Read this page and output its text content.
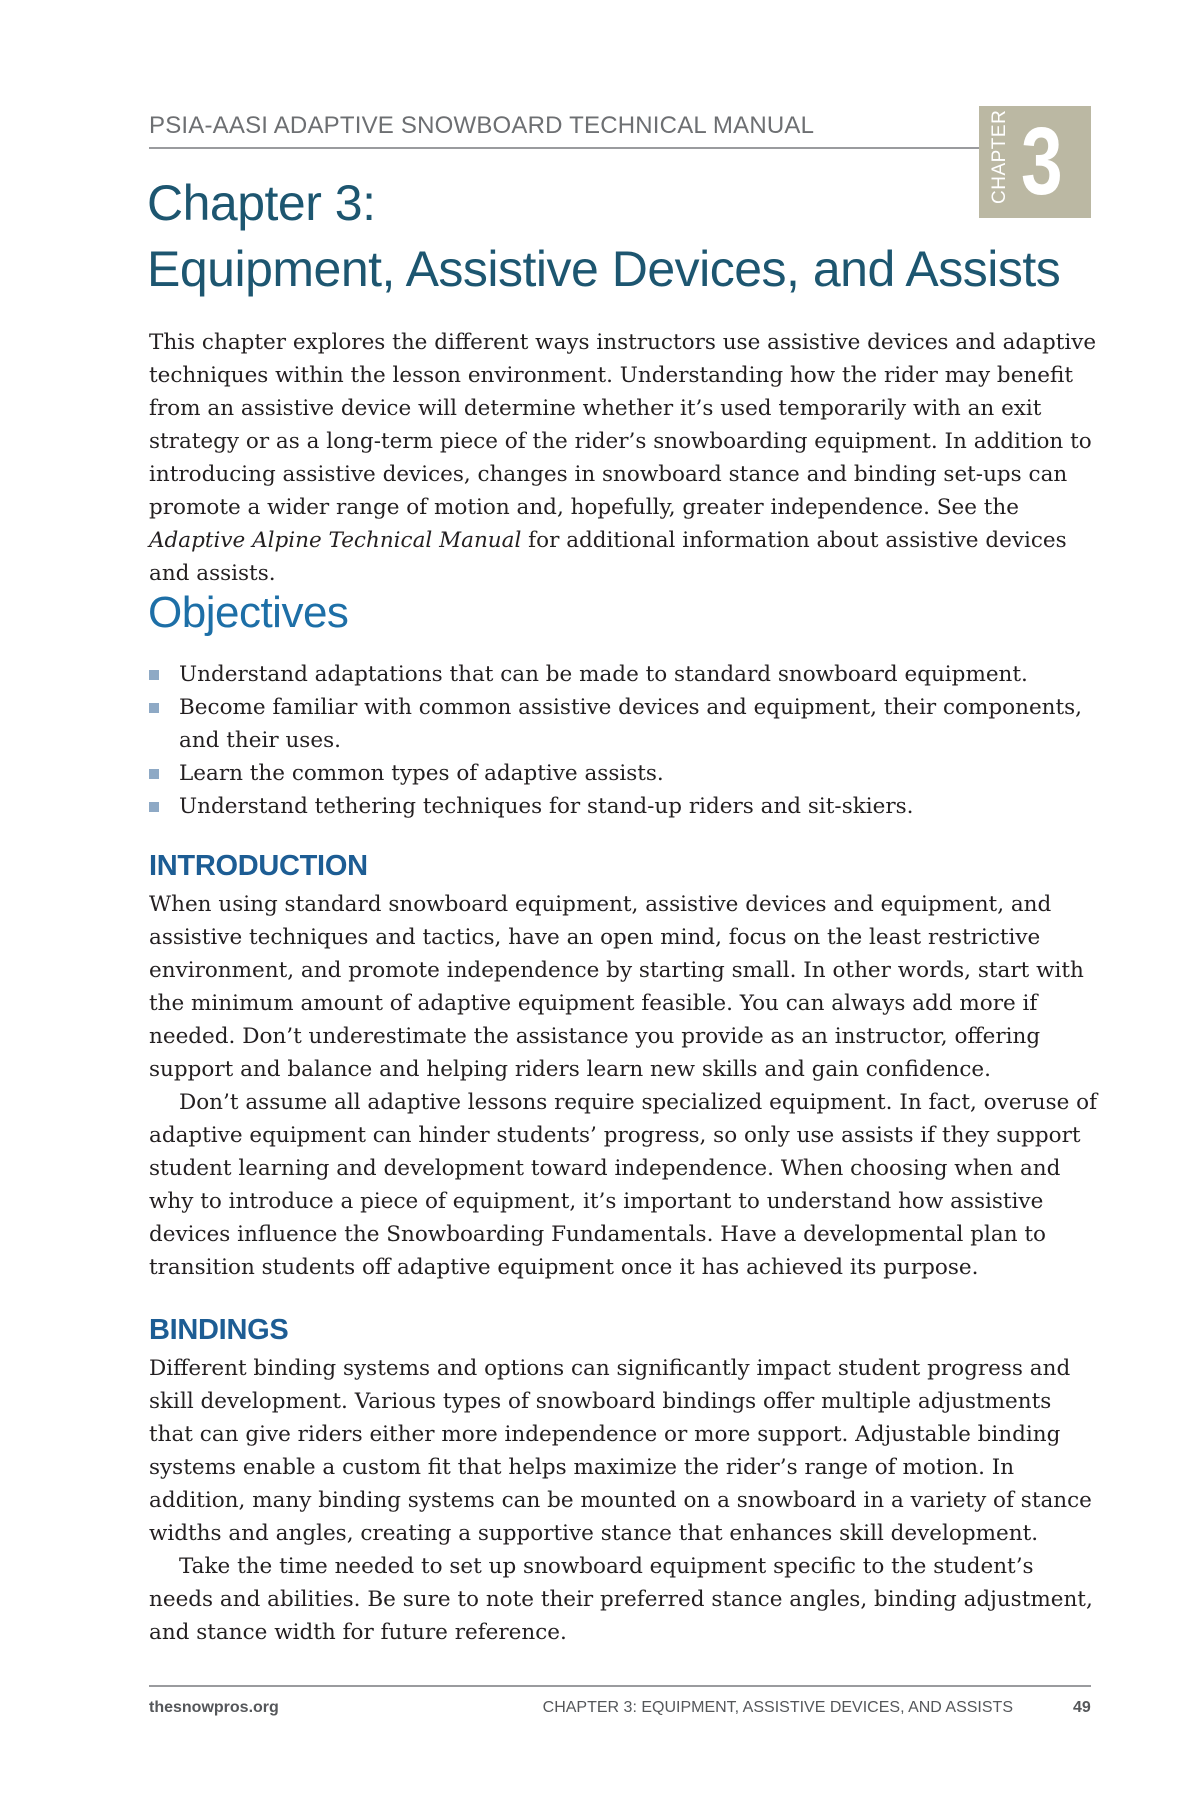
PSIA-AASI ADAPTIVE SNOWBOARD TECHNICAL MANUAL	CHAPTER 3
Chapter 3:
Equipment, Assistive Devices, and Assists

This chapter explores the different ways instructors use assistive devices and adaptive techniques within the lesson environment. Understanding how the rider may benefit from an assistive device will determine whether it’s used temporarily with an exit strategy or as a long-term piece of the rider’s snowboarding equipment. In addition to introducing assistive devices, changes in snowboard stance and binding set-ups can promote a wider range of motion and, hopefully, greater independence. See the Adaptive Alpine Technical Manual for additional information about assistive devices and assists.

Objectives
Understand adaptations that can be made to standard snowboard equipment.
Become familiar with common assistive devices and equipment, their components, and their uses.
Learn the common types of adaptive assists.
Understand tethering techniques for stand-up riders and sit-skiers.
INTRODUCTION

When using standard snowboard equipment, assistive devices and equipment, and assistive techniques and tactics, have an open mind, focus on the least restrictive environment, and promote independence by starting small. In other words, start with the minimum amount of adaptive equipment feasible. You can always add more if needed. Don’t underestimate the assistance you provide as an instructor, offering support and balance and helping riders learn new skills and gain confidence.

Don’t assume all adaptive lessons require specialized equipment. In fact, overuse of adaptive equipment can hinder students’ progress, so only use assists if they support student learning and development toward independence. When choosing when and why to introduce a piece of equipment, it’s important to understand how assistive devices influence the Snowboarding Fundamentals. Have a developmental plan to transition students off adaptive equipment once it has achieved its purpose.

BINDINGS

Different binding systems and options can significantly impact student progress and skill development. Various types of snowboard bindings offer multiple adjustments that can give riders either more independence or more support. Adjustable binding systems enable a custom fit that helps maximize the rider’s range of motion. In addition, many binding systems can be mounted on a snowboard in a variety of stance widths and angles, creating a supportive stance that enhances skill development.

Take the time needed to set up snowboard equipment specific to the student’s needs and abilities. Be sure to note their preferred stance angles, binding adjustment, and stance width for future reference.

thesnowpros.org	CHAPTER 3: EQUIPMENT, ASSISTIVE DEVICES, AND ASSISTS	49
